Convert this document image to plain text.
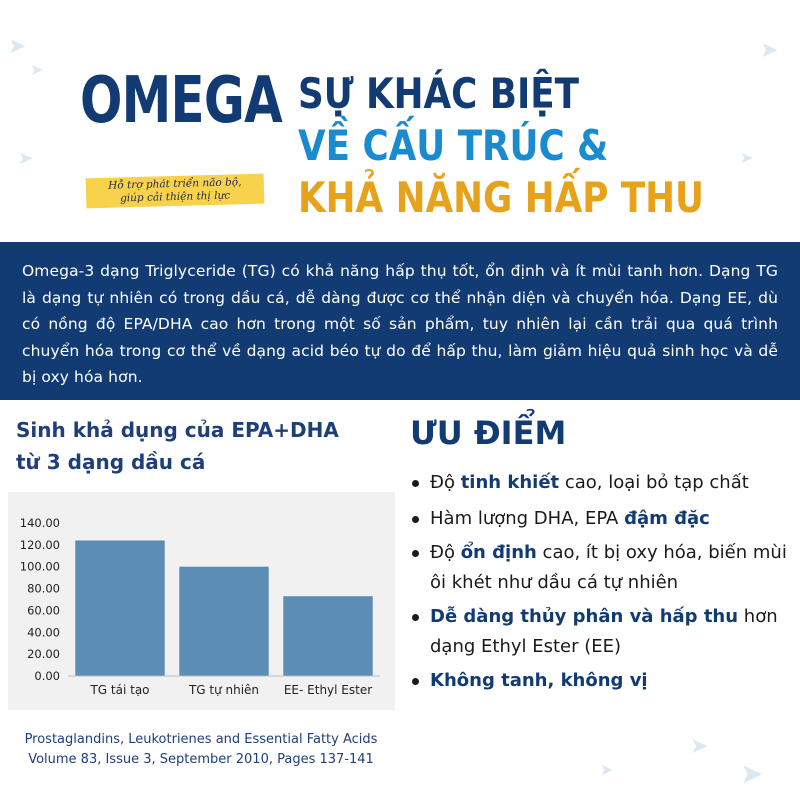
➤
➤
➤
➤
➤
➤
➤
➤
OMEGA
Hỗ trợ phát triển não bộ,
giúp cải thiện thị lực
SỰ KHÁC BIỆT
VỀ CẤU TRÚC &
KHẢ NĂNG HẤP THU

Omega-3 dạng Triglyceride (TG) có khả năng hấp thụ tốt, ổn định và ít mùi tanh hơn. Dạng TG là dạng tự nhiên có trong dầu cá, dễ dàng được cơ thể nhận diện và chuyển hóa. Dạng EE, dù có nồng độ EPA/DHA cao hơn trong một số sản phẩm, tuy nhiên lại cần trải qua quá trình chuyển hóa trong cơ thể về dạng acid béo tự do để hấp thu, làm giảm hiệu quả sinh học và dễ bị oxy hóa hơn.

Sinh khả dụng của EPA+DHA
từ 3 dạng dầu cá
0.00
20.00
40.00
60.00
80.00
100.00
120.00
140.00
TG tái tạo	TG tự nhiên EE- Ethyl Ester
Prostaglandins, Leukotrienes and Essential Fatty Acids
Volume 83, Issue 3, September 2010, Pages 137-141
ƯU ĐIỂM
Độ tinh khiết cao, loại bỏ tạp chất
Hàm lượng DHA, EPA đậm đặc
Độ ổn định cao, ít bị oxy hóa, biến mùi ôi khét như dầu cá tự nhiên
Dễ dàng thủy phân và hấp thu hơn dạng Ethyl Ester (EE)
Không tanh, không vị
